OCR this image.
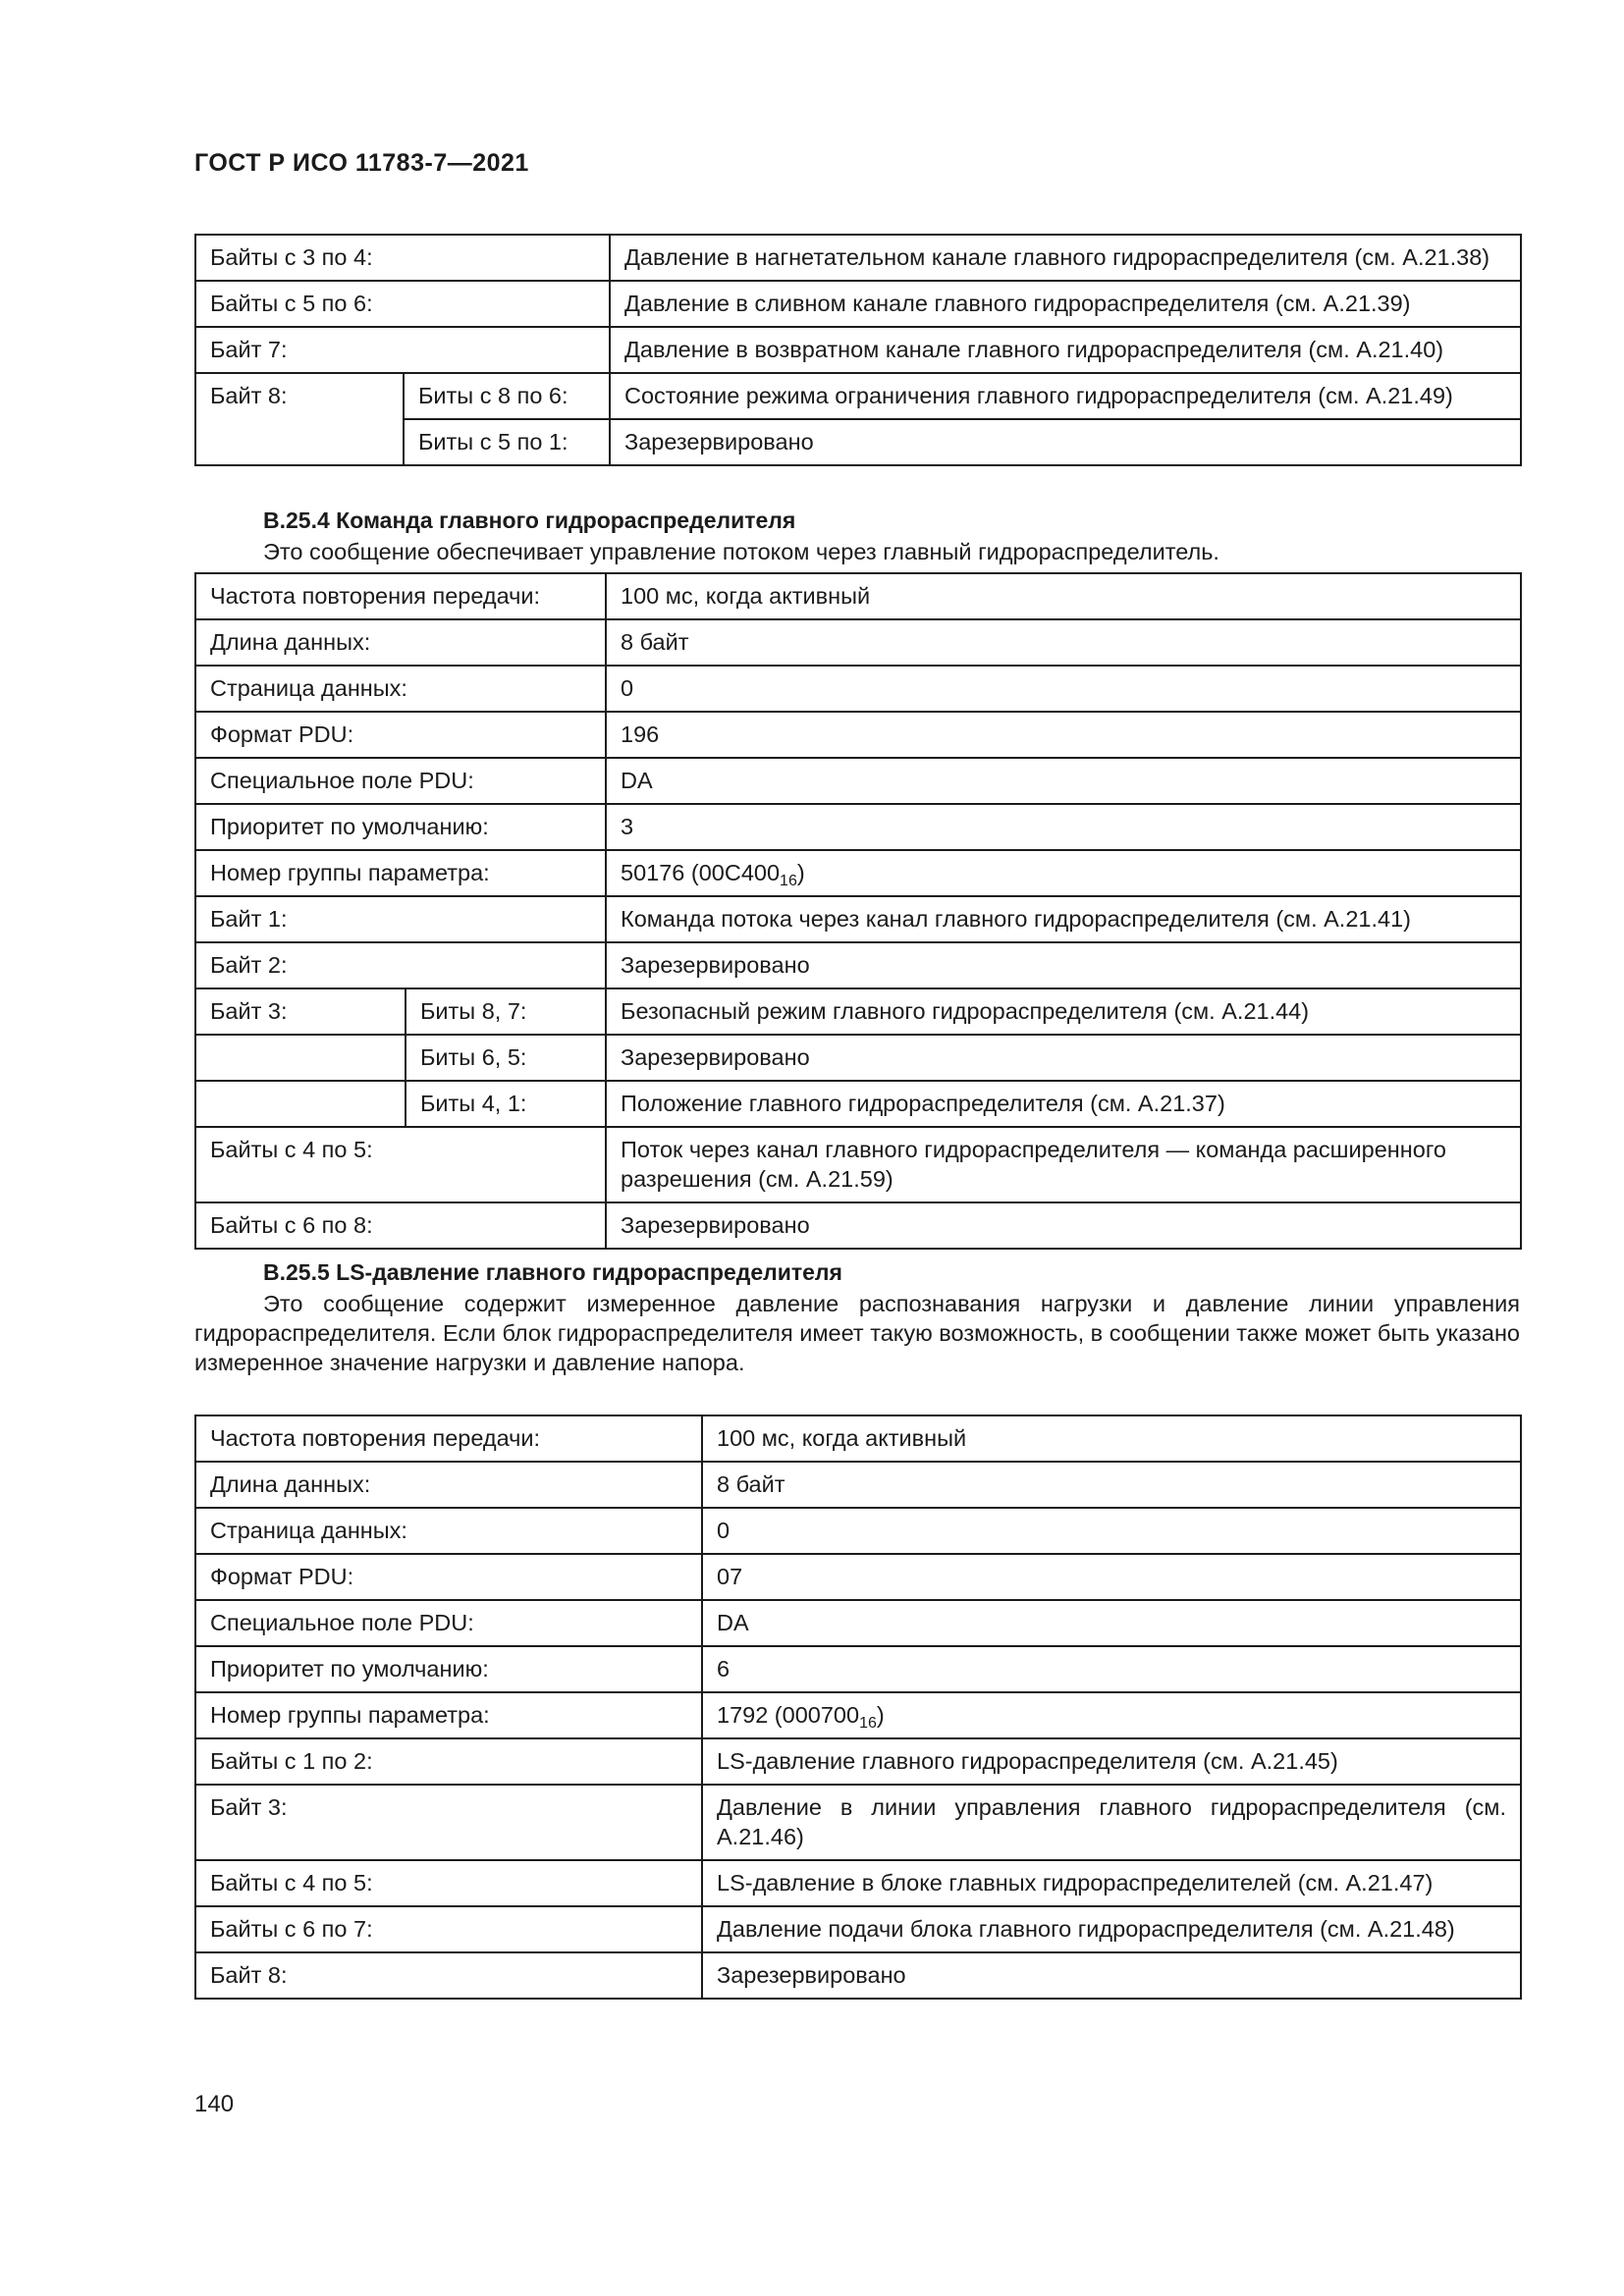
ГОСТ Р ИСО 11783-7—2021
Байты с 3 по 4:		Давление в нагнетательном канале главного гидрораспределителя (см. А.21.38)
Байты с 5 по 6:		Давление в сливном канале главного гидрораспределителя (см. А.21.39)
Байт 7:		Давление в возвратном канале главного гидрораспределителя (см. А.21.40)
Байт 8:	Биты с 8 по 6:	Состояние режима ограничения главного гидрораспределителя (см. А.21.49)
	Биты с 5 по 1:	Зарезервировано
В.25.4 Команда главного гидрораспределителя

Это сообщение обеспечивает управление потоком через главный гидрораспределитель.

Частота повторения передачи:		100 мс, когда активный
Длина данных:		8 байт
Страница данных:		0
Формат PDU:		196
Специальное поле PDU:		DA
Приоритет по умолчанию:		3
Номер группы параметра:		50176 $(00С400_{16})$
Байт 1:		Команда потока через канал главного гидрораспределителя (см. А.21.41)
Байт 2:		Зарезервировано
Байт 3:	Биты 8, 7:	Безопасный режим главного гидрораспределителя (см. А.21.44)
	Биты 6, 5:	Зарезервировано
	Биты 4, 1:	Положение главного гидрораспределителя (см. А.21.37)
Байты с 4 по 5:		Поток через канал главного гидрораспределителя — команда расширенного разрешения (см. А.21.59)
Байты с 6 по 8:		Зарезервировано
В.25.5 LS-давление главного гидрораспределителя

Это сообщение содержит измеренное давление распознавания нагрузки и давление линии управления гидрораспределителя. Если блок гидрораспределителя имеет такую возможность, в сообщении также может быть указано измеренное значение нагрузки и давление напора.

Частота повторения передачи:	100 мс, когда активный
Длина данных:	8 байт
Страница данных:	0
Формат PDU:	07
Специальное поле PDU:	DA
Приоритет по умолчанию:	6
Номер группы параметра:	1792 $(000700_{16})$
Байты с 1 по 2:	LS-давление главного гидрораспределителя (см. А.21.45)
Байт 3:	Давление в линии управления главного гидрораспределителя (см. А.21.46)
Байты с 4 по 5:	LS-давление в блоке главных гидрораспределителей (см. А.21.47)
Байты с 6 по 7:	Давление подачи блока главного гидрораспределителя (см. А.21.48)
Байт 8:	Зарезервировано
140
